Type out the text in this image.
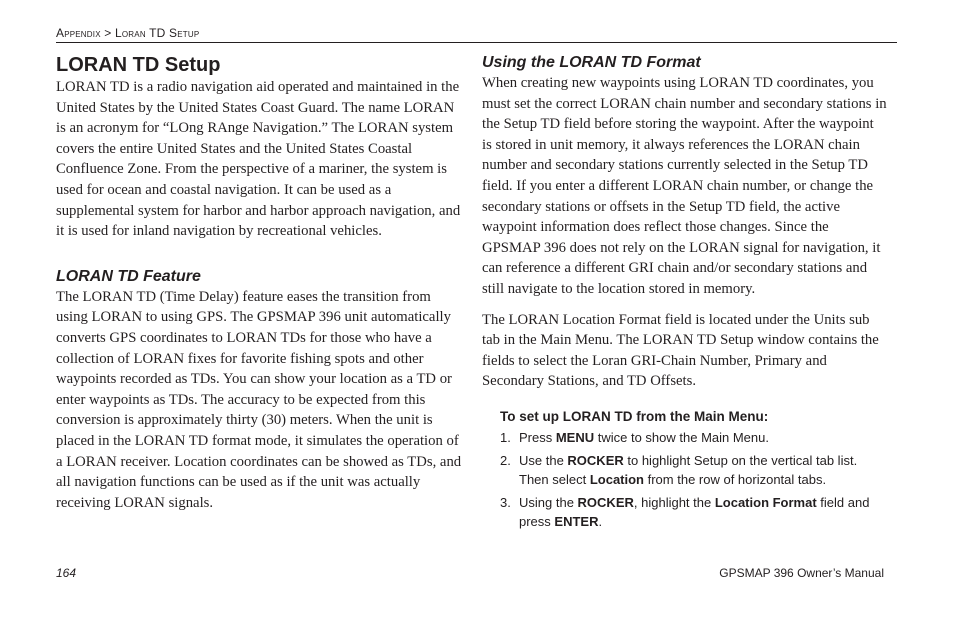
Appendix > Loran TD Setup
LORAN TD Setup

LORAN TD is a radio navigation aid operated and maintained in the United States by the United States Coast Guard. The name LORAN is an acronym for “LOng RAnge Navigation.” The LORAN system covers the entire United States and the United States Coastal Confluence Zone. From the perspective of a mariner, the system is used for ocean and coastal navigation. It can be used as a supplemental system for harbor and harbor approach navigation, and it is used for inland navigation by recreational vehicles.

LORAN TD Feature

The LORAN TD (Time Delay) feature eases the transition from using LORAN to using GPS. The GPSMAP 396 unit automatically converts GPS coordinates to LORAN TDs for those who have a collection of LORAN fixes for favorite fishing spots and other waypoints recorded as TDs. You can show your location as a TD or enter waypoints as TDs. The accuracy to be expected from this conversion is approximately thirty (30) meters. When the unit is placed in the LORAN TD format mode, it simulates the operation of a LORAN receiver. Location coordinates can be showed as TDs, and all navigation functions can be used as if the unit was actually receiving LORAN signals.

Using the LORAN TD Format

When creating new waypoints using LORAN TD coordinates, you must set the correct LORAN chain number and secondary stations in the Setup TD field before storing the waypoint. After the waypoint is stored in unit memory, it always references the LORAN chain number and secondary stations currently selected in the Setup TD field. If you enter a different LORAN chain number, or change the secondary stations or offsets in the Setup TD field, the active waypoint information does reflect those changes. Since the GPSMAP 396 does not rely on the LORAN signal for navigation, it can reference a different GRI chain and/or secondary stations and still navigate to the location stored in memory.

The LORAN Location Format field is located under the Units sub tab in the Main Menu. The LORAN TD Setup window contains the fields to select the Loran GRI-Chain Number, Primary and Secondary Stations, and TD Offsets.

To set up LORAN TD from the Main Menu:
1. Press MENU twice to show the Main Menu.
2. Use the ROCKER to highlight Setup on the vertical tab list. Then select Location from the row of horizontal tabs.
3. Using the ROCKER, highlight the Location Format field and press ENTER.
164	GPSMAP 396 Owner’s Manual
